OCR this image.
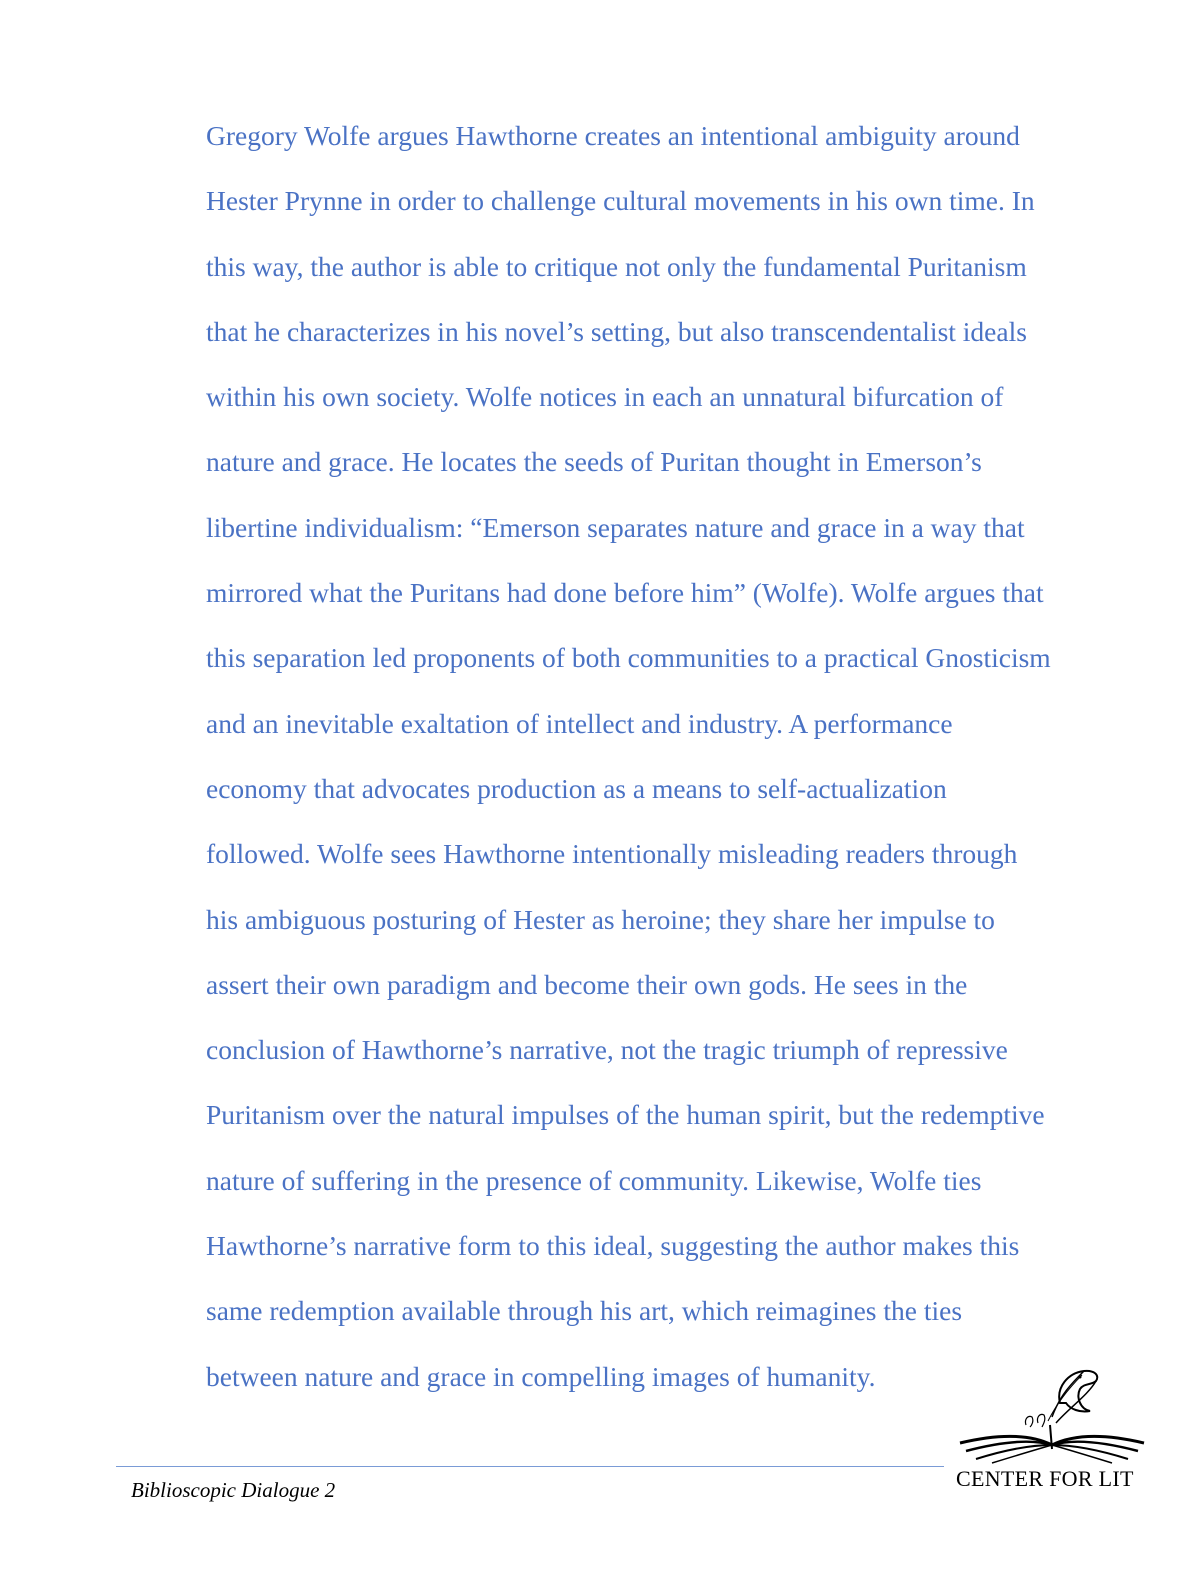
Gregory Wolfe argues Hawthorne creates an intentional ambiguity around
Hester Prynne in order to challenge cultural movements in his own time. In
this way, the author is able to critique not only the fundamental Puritanism
that he characterizes in his novel’s setting, but also transcendentalist ideals
within his own society. Wolfe notices in each an unnatural bifurcation of
nature and grace. He locates the seeds of Puritan thought in Emerson’s
libertine individualism: “Emerson separates nature and grace in a way that
mirrored what the Puritans had done before him” (Wolfe). Wolfe argues that
this separation led proponents of both communities to a practical Gnosticism
and an inevitable exaltation of intellect and industry. A performance
economy that advocates production as a means to self-actualization
followed. Wolfe sees Hawthorne intentionally misleading readers through
his ambiguous posturing of Hester as heroine; they share her impulse to
assert their own paradigm and become their own gods. He sees in the
conclusion of Hawthorne’s narrative, not the tragic triumph of repressive
Puritanism over the natural impulses of the human spirit, but the redemptive
nature of suffering in the presence of community. Likewise, Wolfe ties
Hawthorne’s narrative form to this ideal, suggesting the author makes this
same redemption available through his art, which reimagines the ties
between nature and grace in compelling images of humanity.
Biblioscopic Dialogue 2	CENTER FOR LIT
